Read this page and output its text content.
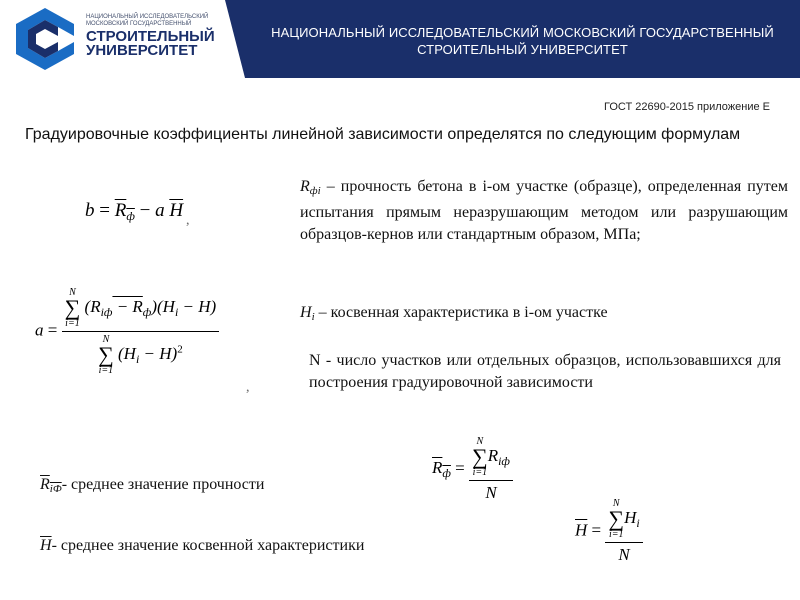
НАЦИОНАЛЬНЫЙ ИССЛЕДОВАТЕЛЬСКИЙ
МОСКОВСКИЙ ГОСУДАРСТВЕННЫЙ
СТРОИТЕЛЬНЫЙ
УНИВЕРСИТЕТ
НАЦИОНАЛЬНЫЙ ИССЛЕДОВАТЕЛЬСКИЙ МОСКОВСКИЙ ГОСУДАРСТВЕННЫЙ
СТРОИТЕЛЬНЫЙ УНИВЕРСИТЕТ
ГОСТ 22690-2015 приложение Е
Градуировочные коэффициенты линейной зависимости определятся по следующим формулам
$b = R_ф - a$ $\overline{H}$ ,
a = N
∑
i=1
$(R_{iф} - R_ф)(H_i - H)$
N
∑
i=1
$(H_i - H)^2$
,
$R_{фi}$ – прочность бетона в i-ом участке (образце), определенная путем испытания прямым неразрушающим методом или разрушающим образцов-кернов или стандартным образом, МПа;
$H_i$ – косвенная характеристика в i-ом участке
N - число участков или отдельных образцов, использовавшихся для построения градуировочной зависимости
$R_{iФ}-$ среднее значение прочности
$R_ф = N$
∑
i=1
$R_{iф}$
N
$\overline{H}-$ среднее значение косвенной характеристики
$\overline{H} = N$
∑
i=1
$H_i$
N
